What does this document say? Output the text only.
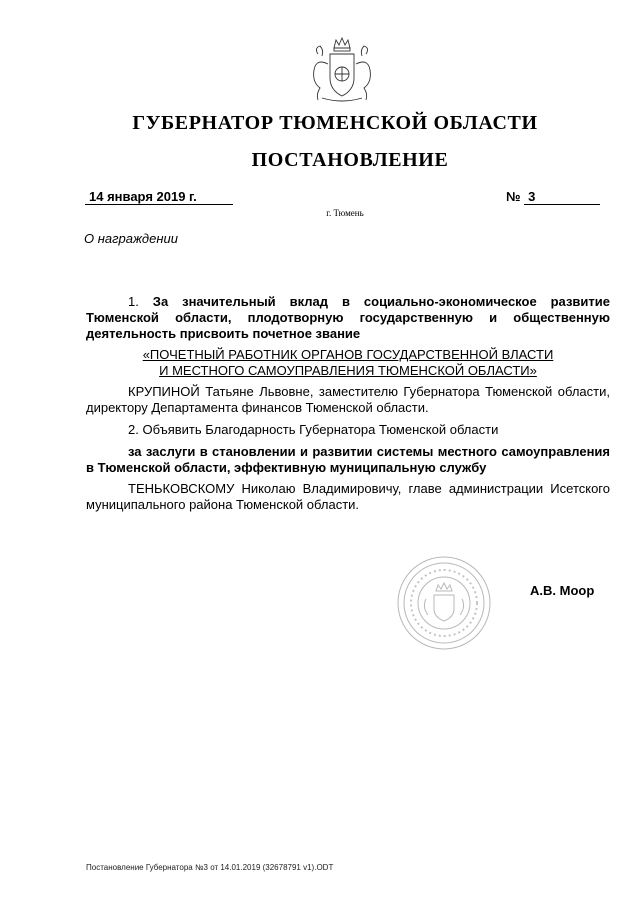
ГУБЕРНАТОР ТЮМЕНСКОЙ ОБЛАСТИ
ПОСТАНОВЛЕНИЕ
14 января 2019 г.	№ 3
г. Тюмень
О награждении

1. За значительный вклад в социально-экономическое развитие Тюменской области, плодотворную государственную и общественную деятельность присвоить почетное звание

«ПОЧЕТНЫЙ РАБОТНИК ОРГАНОВ ГОСУДАРСТВЕННОЙ ВЛАСТИ

И МЕСТНОГО САМОУПРАВЛЕНИЯ ТЮМЕНСКОЙ ОБЛАСТИ»

КРУПИНОЙ Татьяне Львовне, заместителю Губернатора Тюменской области, директору Департамента финансов Тюменской области.

2. Объявить Благодарность Губернатора Тюменской области

за заслуги в становлении и развитии системы местного самоуправления в Тюменской области, эффективную муниципальную службу

ТЕНЬКОВСКОМУ Николаю Владимировичу, главе администрации Исетского муниципального района Тюменской области.

А.В. Моор
Постановление Губернатора №3 от 14.01.2019 (32678791 v1).ODT
